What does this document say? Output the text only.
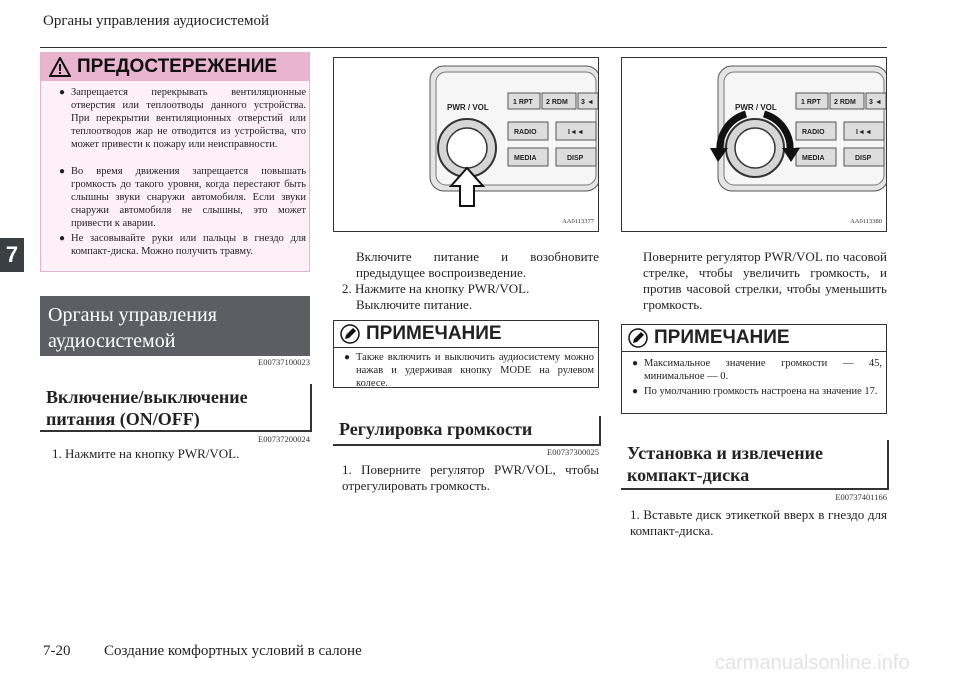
Органы управления аудиосистемой
7
ПРЕДОСТЕРЕЖЕНИЕ
● Запрещается перекрывать вентиляционные отверстия или теплоотводы данного устройства. При перекрытии вентиляционных отверстий или теплоотводов жар не отводится из устройства, что может привести к пожару или неисправности.
● Во время движения запрещается повышать громкость до такого уровня, когда перестают быть слышны звуки снаружи автомобиля. Если звуки снаружи автомобиля не слышны, это может привести к аварии.
● Не засовывайте руки или пальцы в гнездо для компакт-диска. Можно получить травму.
Органы управления аудиосистемой
E00737100023
Включение/выключение питания (ON/OFF)
E00737200024
1. Нажмите на кнопку PWR/VOL.
PWR / VOL
1 RPT 2 RDM 3 ◄
RADIO	I◄◄
MEDIA	DISP
AA0113377
PWR / VOL
1 RPT 2 RDM 3 ◄
RADIO	I◄◄
MEDIA	DISP
AA0113380
Включите питание и возобновите предыдущее воспроизведение.
2. Нажмите на кнопку PWR/VOL.
Выключите питание.
ПРИМЕЧАНИЕ
● Также включить и выключить аудиосистему можно нажав и удерживая кнопку MODE на рулевом колесе.
Регулировка громкости
E00737300025
1. Поверните регулятор PWR/VOL, чтобы отрегулировать громкость.
Поверните регулятор PWR/VOL по часовой стрелке, чтобы увеличить громкость, и против часовой стрелки, чтобы уменьшить громкость.
ПРИМЕЧАНИЕ
● Максимальное значение громкости — 45, минимальное — 0.
● По умолчанию громкость настроена на значение 17.
Установка и извлечение компакт-диска
E00737401166
1. Вставьте диск этикеткой вверх в гнездо для компакт-диска.
7-20 Создание комфортных условий в салоне
carmanualsonline.info
